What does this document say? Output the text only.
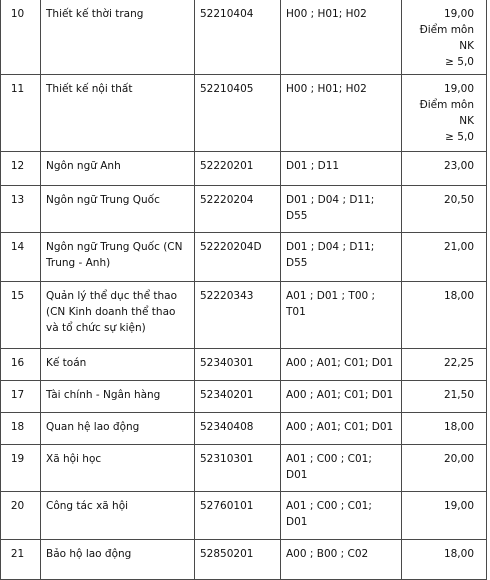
10	Thiết kế thời trang	52210404	H00 ; H01; H02	19,00
Điểm môn NK
≥ 5,0

11	Thiết kế nội thất	52210405	H00 ; H01; H02	19,00
Điểm môn NK
≥ 5,0

12	Ngôn ngữ Anh	52220201	D01 ; D11	23,00
13	Ngôn ngữ Trung Quốc	52220204	D01 ; D04 ; D11;
D55	20,50
14	Ngôn ngữ Trung Quốc (CN
Trung - Anh)	52220204D	D01 ; D04 ; D11;
D55	21,00
15	Quản lý thể dục thể thao
(CN Kinh doanh thể thao
và tổ chức sự kiện)	52220343	A01 ; D01 ; T00 ;
T01	18,00
16	Kế toán	52340301	A00 ; A01; C01; D01	22,25
17	Tài chính - Ngân hàng	52340201	A00 ; A01; C01; D01	21,50
18	Quan hệ lao động	52340408	A00 ; A01; C01; D01	18,00
19	Xã hội học	52310301	A01 ; C00 ; C01;
D01	20,00
20	Công tác xã hội	52760101	A01 ; C00 ; C01;
D01	19,00
21	Bảo hộ lao động	52850201	A00 ; B00 ; C02	18,00
